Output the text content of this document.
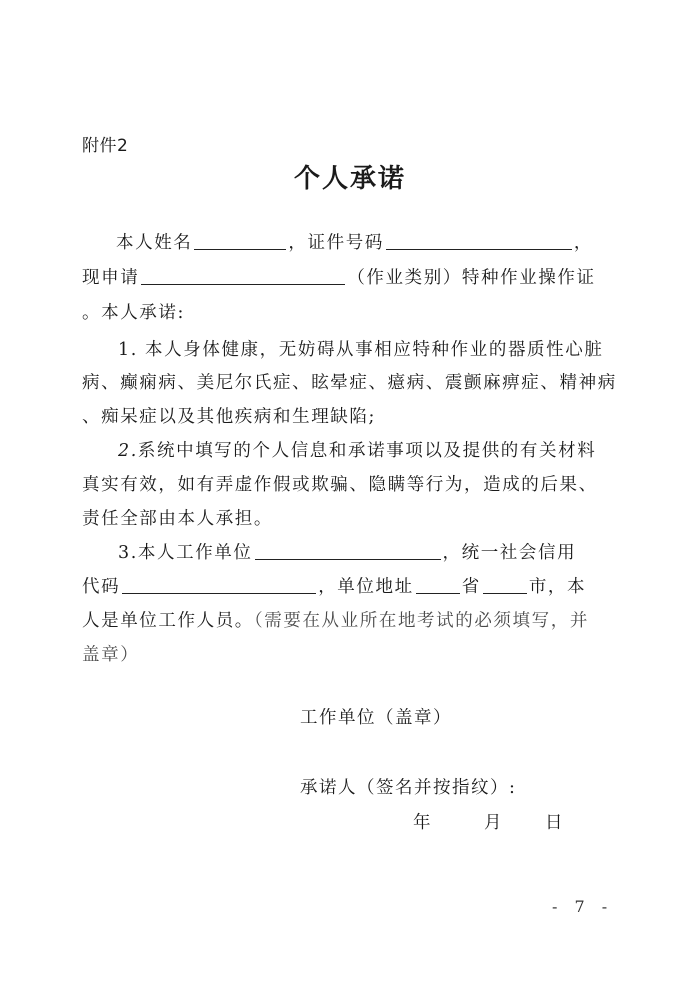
附件2
个人承诺
本人姓名	，证件号码	，
现申请	（作业类别）特种作业操作证
。本人承诺:
1. 本人身体健康，无妨碍从事相应特种作业的器质性心脏
病、癫痫病、美尼尔氏症、眩晕症、癔病、震颤麻痹症、精神病
、痴呆症以及其他疾病和生理缺陷;
2.系统中填写的个人信息和承诺事项以及提供的有关材料
真实有效，如有弄虚作假或欺骗、隐瞒等行为，造成的后果、
责任全部由本人承担。
3.本人工作单位	，统一社会信用
代码	，单位地址	省	市，本
人是单位工作人员。（需要在从业所在地考试的必须填写，并
盖章）
工作单位（盖章）
承诺人（签名并按指纹）:
年	月 日
- 7 -
